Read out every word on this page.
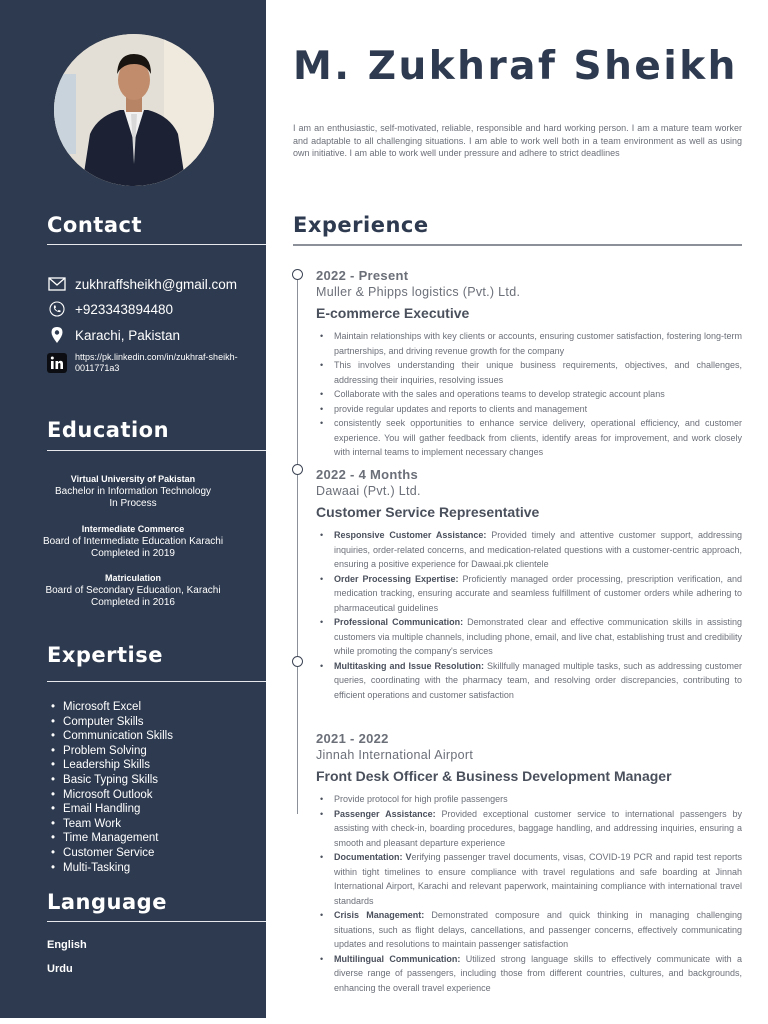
Contact
zukhraffsheikh@gmail.com
+923343894480
Karachi, Pakistan
https://pk.linkedin.com/in/zukhraf-sheikh-0011771a3
Education
Virtual University of Pakistan
Bachelor in Information Technology
In Process
Intermediate Commerce
Board of Intermediate Education Karachi
Completed in 2019
Matriculation
Board of Secondary Education, Karachi
Completed in 2016
Expertise
• Microsoft Excel
• Computer Skills
• Communication Skills
• Problem Solving
• Leadership Skills
• Basic Typing Skills
• Microsoft Outlook
• Email Handling
• Team Work
• Time Management
• Customer Service
• Multi-Tasking
Language
English
Urdu
M. Zukhraf Sheikh
I am an enthusiastic, self-motivated, reliable, responsible and hard working person. I am a mature team worker and adaptable to all challenging situations. I am able to work well both in a team environment as well as using own initiative. I am able to work well under pressure and adhere to strict deadlines
Experience
2022 - Present
Muller & Phipps logistics (Pvt.) Ltd.
E-commerce Executive
• Maintain relationships with key clients or accounts, ensuring customer satisfaction, fostering long-term partnerships, and driving revenue growth for the company
• This involves understanding their unique business requirements, objectives, and challenges, addressing their inquiries, resolving issues
• Collaborate with the sales and operations teams to develop strategic account plans
• provide regular updates and reports to clients and management
• consistently seek opportunities to enhance service delivery, operational efficiency, and customer experience. You will gather feedback from clients, identify areas for improvement, and work closely with internal teams to implement necessary changes
2022 - 4 Months
Dawaai (Pvt.) Ltd.
Customer Service Representative
• Responsive Customer Assistance: Provided timely and attentive customer support, addressing inquiries, order-related concerns, and medication-related questions with a customer-centric approach, ensuring a positive experience for Dawaai.pk clientele
• Order Processing Expertise: Proficiently managed order processing, prescription verification, and medication tracking, ensuring accurate and seamless fulfillment of customer orders while adhering to pharmaceutical guidelines
• Professional Communication: Demonstrated clear and effective communication skills in assisting customers via multiple channels, including phone, email, and live chat, establishing trust and credibility while promoting the company's services
• Multitasking and Issue Resolution: Skillfully managed multiple tasks, such as addressing customer queries, coordinating with the pharmacy team, and resolving order discrepancies, contributing to efficient operations and customer satisfaction
2021 - 2022
Jinnah International Airport
Front Desk Officer & Business Development Manager
• Provide protocol for high profile passengers
• Passenger Assistance: Provided exceptional customer service to international passengers by assisting with check-in, boarding procedures, baggage handling, and addressing inquiries, ensuring a smooth and pleasant departure experience
• Documentation: Verifying passenger travel documents, visas, COVID-19 PCR and rapid test reports within tight timelines to ensure compliance with travel regulations and safe boarding at Jinnah International Airport, Karachi and relevant paperwork, maintaining compliance with international travel standards
• Crisis Management: Demonstrated composure and quick thinking in managing challenging situations, such as flight delays, cancellations, and passenger concerns, effectively communicating updates and resolutions to maintain passenger satisfaction
• Multilingual Communication: Utilized strong language skills to effectively communicate with a diverse range of passengers, including those from different countries, cultures, and backgrounds, enhancing the overall travel experience
